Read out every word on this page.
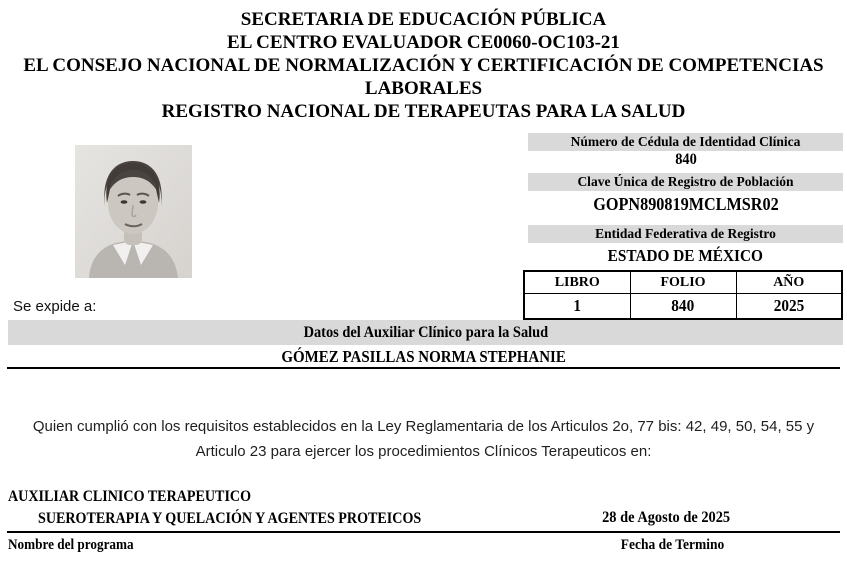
SECRETARIA DE EDUCACIÓN PÚBLICA
EL CENTRO EVALUADOR CE0060-OC103-21
EL CONSEJO NACIONAL DE NORMALIZACIÓN Y CERTIFICACIÓN DE COMPETENCIAS
LABORALES
REGISTRO NACIONAL DE TERAPEUTAS PARA LA SALUD
Número de Cédula de Identidad Clínica
840
Clave Única de Registro de Población
GOPN890819MCLMSR02
Entidad Federativa de Registro
ESTADO DE MÉXICO
LIBRO	FOLIO	AÑO
1	840	2025
Se expide a:
Datos del Auxiliar Clínico para la Salud
GÓMEZ PASILLAS NORMA STEPHANIE
Quien cumplió con los requisitos establecidos en la Ley Reglamentaria de los Articulos 2o, 77 bis: 42, 49, 50, 54, 55 y Articulo 23 para ejercer los procedimientos Clínicos Terapeuticos en:
AUXILIAR CLINICO TERAPEUTICO
SUEROTERAPIA Y QUELACIÓN Y AGENTES PROTEICOS	28 de Agosto de 2025
Nombre del programa	Fecha de Termino
